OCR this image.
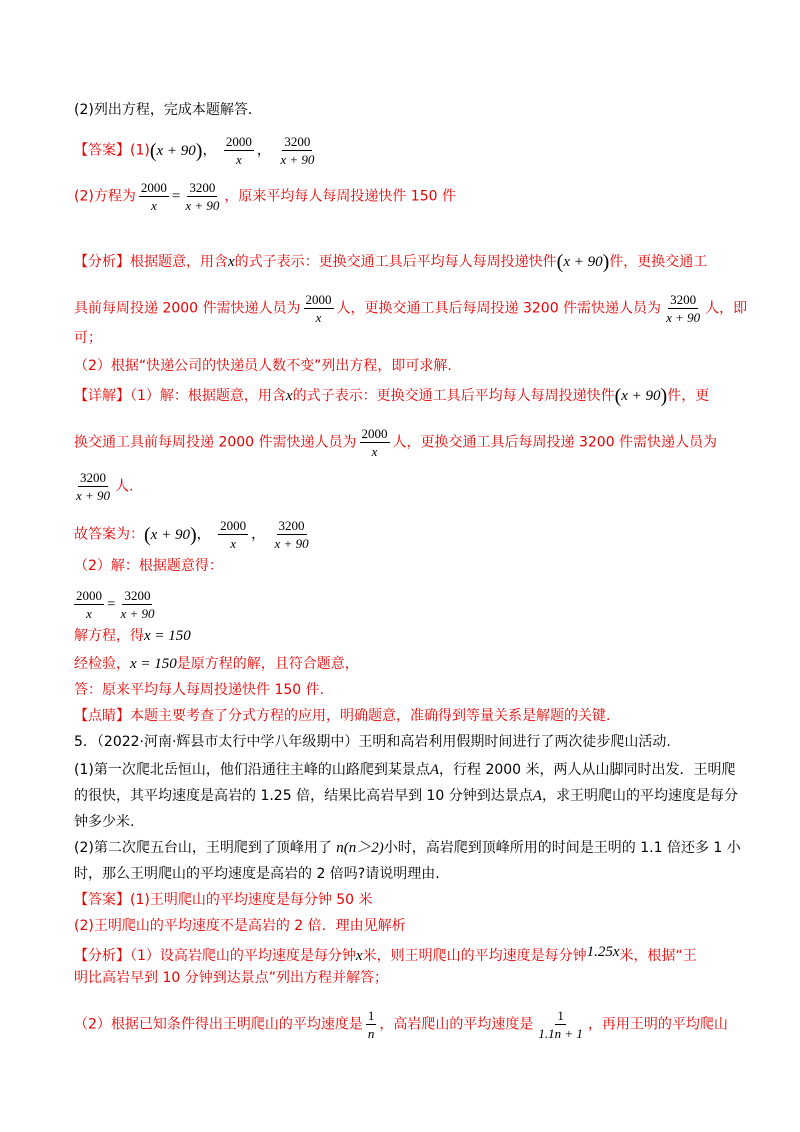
(2)列出方程，完成本题解答.
【答案】(1)(x + 90)， $\frac{2000}{x}$ ， $\frac{3200}{x + 90}$
(2)方程为 $\frac{2000}{x} = \frac{3200}{x + 90}$ ，原来平均每人每周投递快件 150 件
【分析】根据题意，用含x的式子表示：更换交通工具后平均每人每周投递快件(x + 90)件，更换交通工
具前每周投递 2000 件需快递人员为 $\frac{2000}{x}$ 人，更换交通工具后每周投递 3200 件需快递人员为 $\frac{3200}{x + 90}$ 人，即
可；
（2）根据“快递公司的快递员人数不变”列出方程，即可求解.
【详解】（1）解：根据题意，用含x的式子表示：更换交通工具后平均每人每周投递快件(x + 90)件，更
换交通工具前每周投递 2000 件需快递人员为 $\frac{2000}{x}$ 人，更换交通工具后每周投递 3200 件需快递人员为
$\frac{3200}{x + 90}$ 人.
故答案为：(x + 90)， $\frac{2000}{x}$ ， $\frac{3200}{x + 90}$
（2）解：根据题意得：
$\frac{2000}{x} = \frac{3200}{x + 90}$
解方程，得x = 150
经检验，x = 150是原方程的解，且符合题意，
答：原来平均每人每周投递快件 150 件.
【点睛】本题主要考查了分式方程的应用，明确题意，准确得到等量关系是解题的关键.
5．（2022·河南·辉县市太行中学八年级期中）王明和高岩利用假期时间进行了两次徒步爬山活动.
(1)第一次爬北岳恒山，他们沿通往主峰的山路爬到某景点A，行程 2000 米，两人从山脚同时出发．王明爬
的很快，其平均速度是高岩的 1.25 倍，结果比高岩早到 10 分钟到达景点A，求王明爬山的平均速度是每分
钟多少米.
(2)第二次爬五台山，王明爬到了顶峰用了 n(n＞2)小时，高岩爬到顶峰所用的时间是王明的 1.1 倍还多 1 小
时，那么王明爬山的平均速度是高岩的 2 倍吗?请说明理由.
【答案】(1)王明爬山的平均速度是每分钟 50 米
(2)王明爬山的平均速度不是高岩的 2 倍．理由见解析
【分析】（1）设高岩爬山的平均速度是每分钟x米，则王明爬山的平均速度是每分钟1.25x米，根据“王
明比高岩早到 10 分钟到达景点”列出方程并解答；
（2）根据已知条件得出王明爬山的平均速度是 $\frac{1}{n}$ ，高岩爬山的平均速度是 $\frac{1}{1.1n + 1}$ ，再用王明的平均爬山
